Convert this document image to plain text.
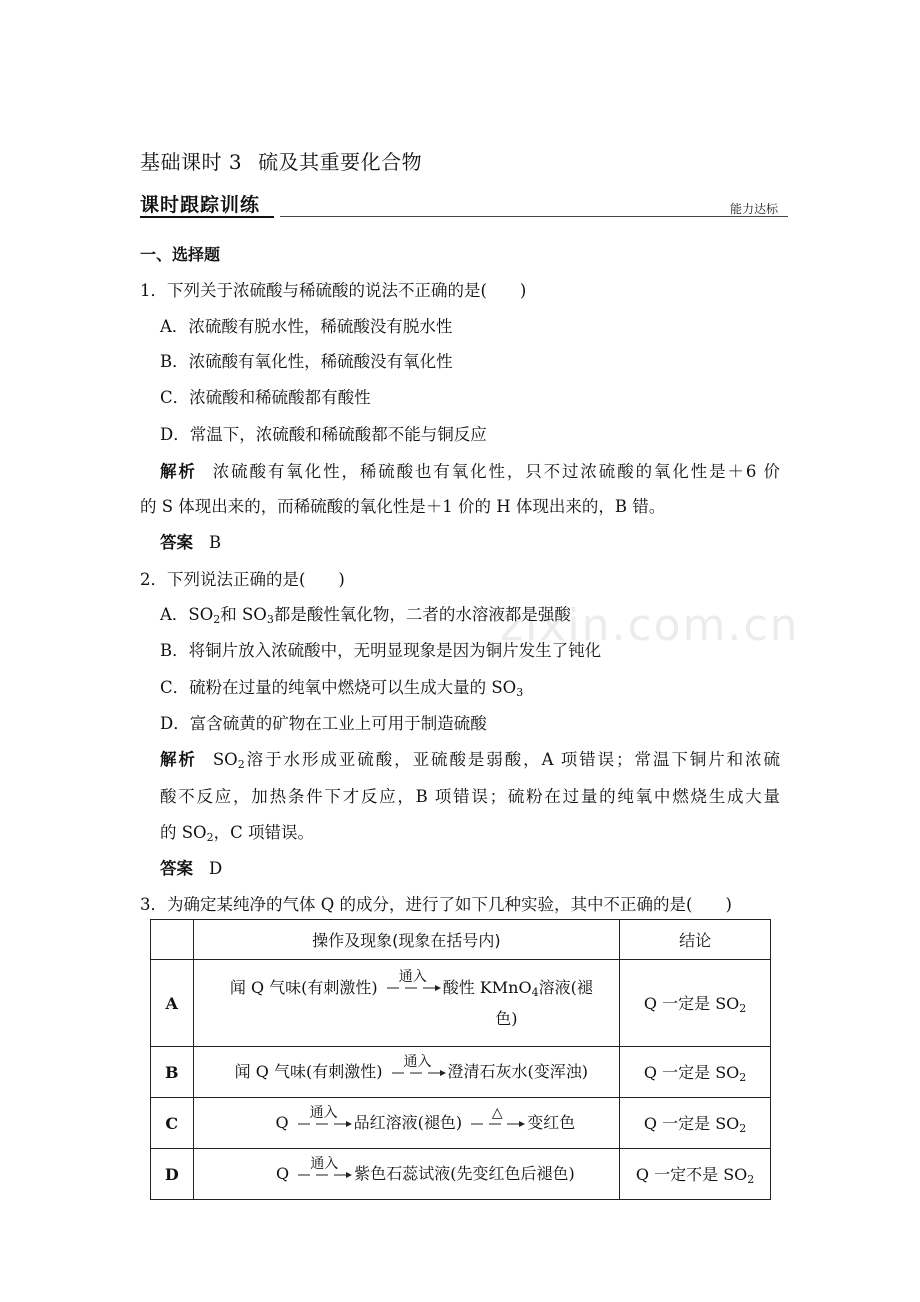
zixin.com.cn
基础课时 3 硫及其重要化合物
课时跟踪训练	能力达标
一、选择题
1．下列关于浓硫酸与稀硫酸的说法不正确的是(　　)
A．浓硫酸有脱水性，稀硫酸没有脱水性
B．浓硫酸有氧化性，稀硫酸没有氧化性
C．浓硫酸和稀硫酸都有酸性
D．常温下，浓硫酸和稀硫酸都不能与铜反应
解析 浓硫酸有氧化性，稀硫酸也有氧化性，只不过浓硫酸的氧化性是＋6 价
的 S 体现出来的，而稀硫酸的氧化性是＋1 价的 H 体现出来的，B 错。
答案 B
2．下列说法正确的是(　　)
A．$SO_2$和 $SO_3$都是酸性氧化物，二者的水溶液都是强酸
B．将铜片放入浓硫酸中，无明显现象是因为铜片发生了钝化
C．硫粉在过量的纯氧中燃烧可以生成大量的 $SO_3$
D．富含硫黄的矿物在工业上可用于制造硫酸
解析 $SO_2$溶于水形成亚硫酸，亚硫酸是弱酸，A 项错误；常温下铜片和浓硫
酸不反应，加热条件下才反应，B 项错误；硫粉在过量的纯氧中燃烧生成大量
的 $SO_2$，C 项错误。
答案 D
3．为确定某纯净的气体 Q 的成分，进行了如下几种实验，其中不正确的是(　　)
	操作及现象(现象在括号内)	结论
A	闻 Q 气味(有刺激性)
通入
酸性 KMnO$_4$溶液(褪
色)	Q 一定是 $SO_2$
B	闻 Q 气味(有刺激性)
通入
澄清石灰水(变浑浊)	Q 一定是 $SO_2$
C	Q
通入
品红溶液(褪色)
△
变红色	Q 一定是 $SO_2$
D	Q
通入
紫色石蕊试液(先变红色后褪色)	Q 一定不是 $SO_2$
